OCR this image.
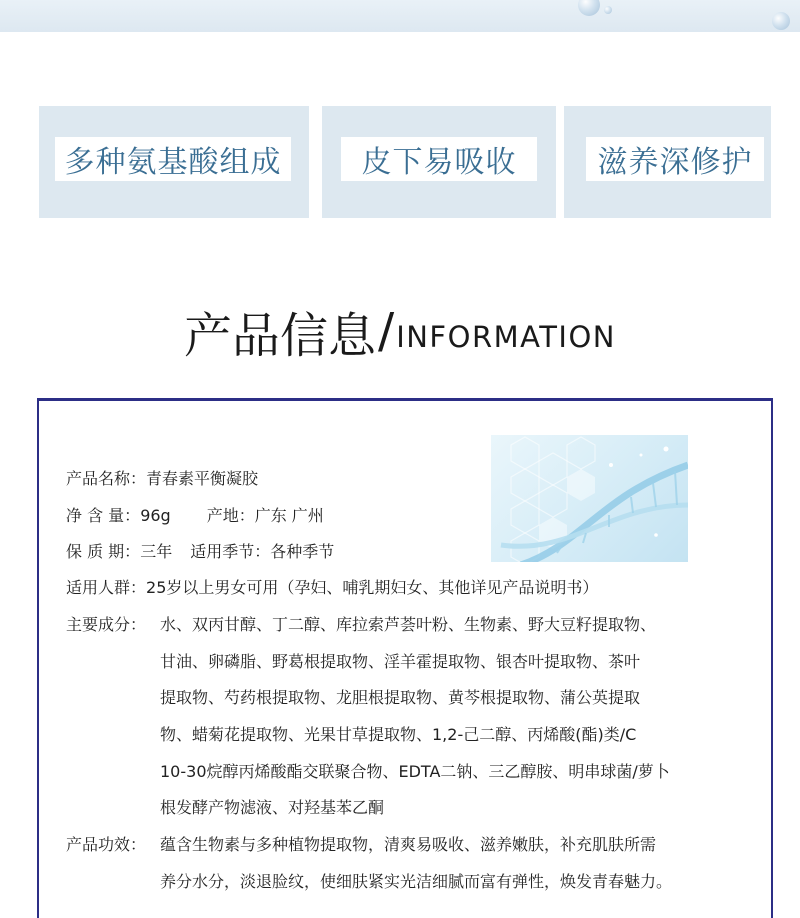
多种氨基酸组成	皮下易吸收	滋养深修护
产品信息 / INFORMATION
产品名称：青春素平衡凝胶
净 含 量：96g 产地：广东 广州
保 质 期：三年 适用季节：各种季节
适用人群：25岁以上男女可用（孕妇、哺乳期妇女、其他详见产品说明书）
主要成分： 水、双丙甘醇、丁二醇、库拉索芦荟叶粉、生物素、野大豆籽提取物、
甘油、卵磷脂、野葛根提取物、淫羊霍提取物、银杏叶提取物、茶叶
提取物、芍药根提取物、龙胆根提取物、黄芩根提取物、蒲公英提取
物、蜡菊花提取物、光果甘草提取物、1,2-己二醇、丙烯酸(酯)类/C
10-30烷醇丙烯酸酯交联聚合物、EDTA二钠、三乙醇胺、明串球菌/萝卜
根发酵产物滤液、对羟基苯乙酮
产品功效： 蕴含生物素与多种植物提取物，清爽易吸收、滋养嫩肤，补充肌肤所需
养分水分，淡退脸纹，使细肤紧实光洁细腻而富有弹性，焕发青春魅力。
